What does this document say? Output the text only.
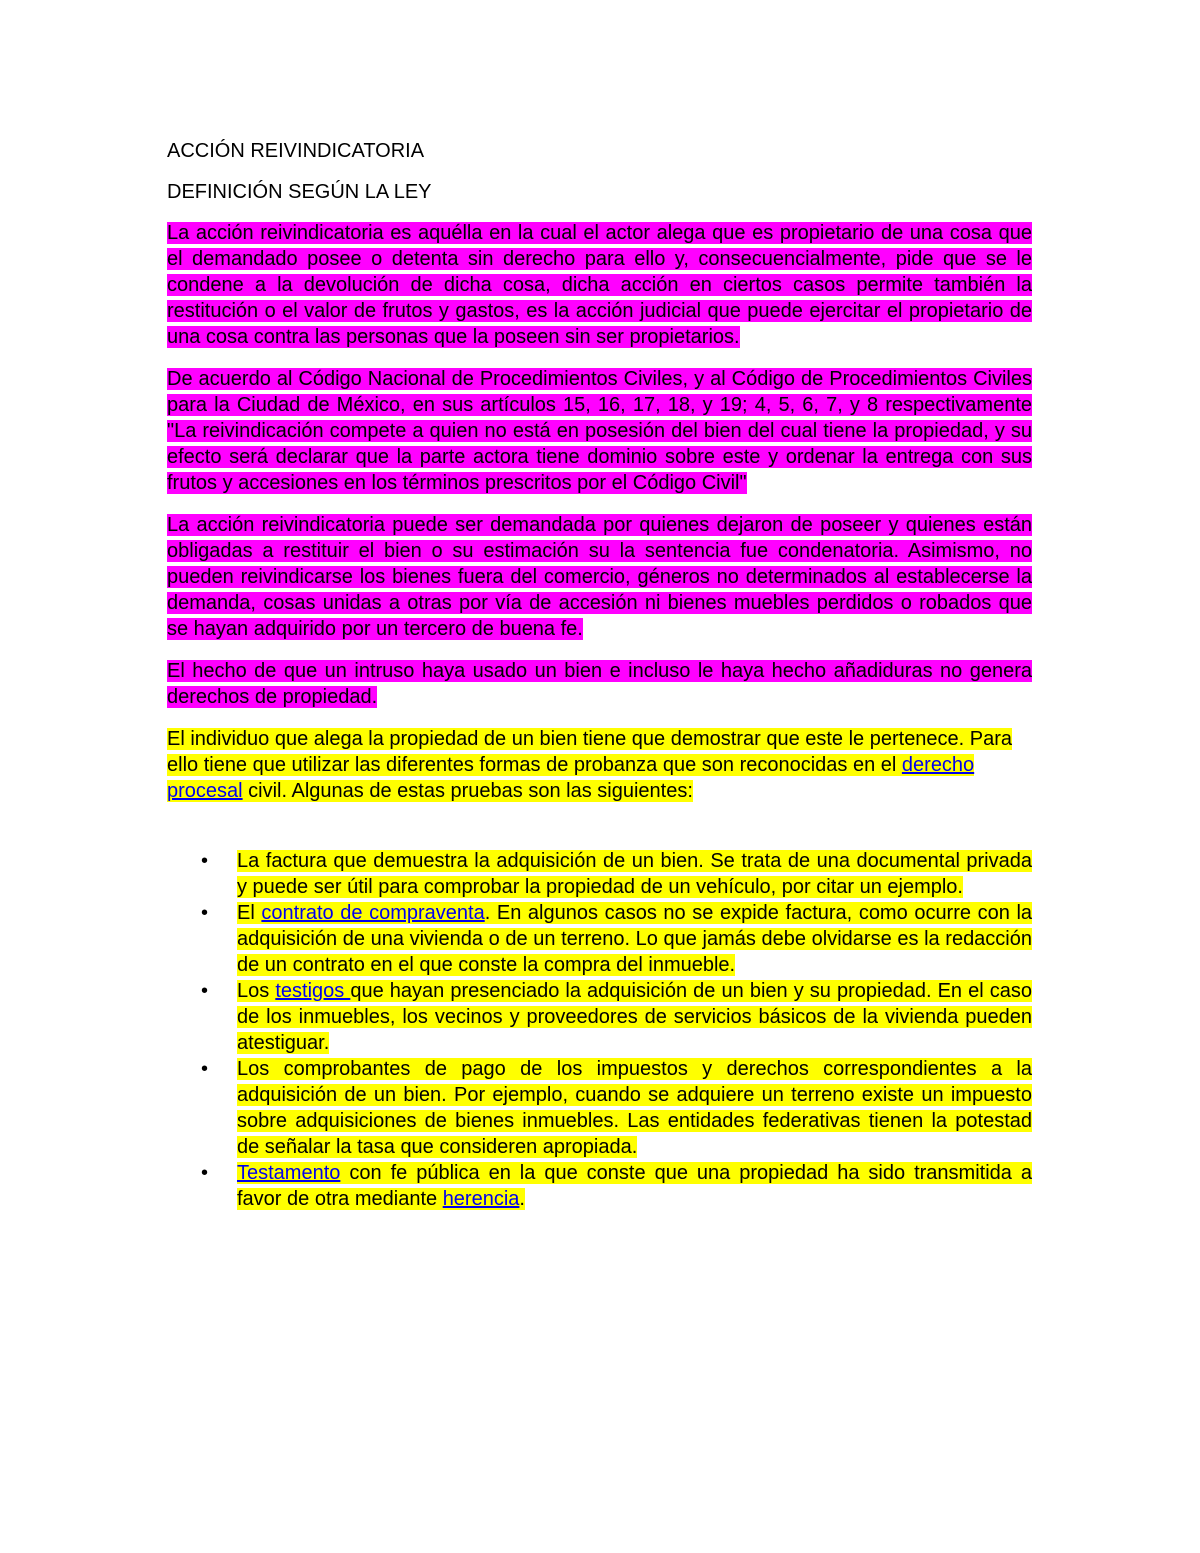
ACCIÓN REIVINDICATORIA
DEFINICIÓN SEGÚN LA LEY

La acción reivindicatoria es aquélla en la cual el actor alega que es propietario de una cosa que el demandado posee o detenta sin derecho para ello y, consecuencialmente, pide que se le condene a la devolución de dicha cosa, dicha acción en ciertos casos permite también la restitución o el valor de frutos y gastos, es la acción judicial que puede ejercitar el propietario de una cosa contra las personas que la poseen sin ser propietarios.

De acuerdo al Código Nacional de Procedimientos Civiles, y al Código de Procedimientos Civiles para la Ciudad de México, en sus artículos 15, 16, 17, 18, y 19; 4, 5, 6, 7, y 8 respectivamente "La reivindicación compete a quien no está en posesión del bien del cual tiene la propiedad, y su efecto será declarar que la parte actora tiene dominio sobre este y ordenar la entrega con sus frutos y accesiones en los términos prescritos por el Código Civil"

La acción reivindicatoria puede ser demandada por quienes dejaron de poseer y quienes están obligadas a restituir el bien o su estimación su la sentencia fue condenatoria. Asimismo, no pueden reivindicarse los bienes fuera del comercio, géneros no determinados al establecerse la demanda, cosas unidas a otras por vía de accesión ni bienes muebles perdidos o robados que se hayan adquirido por un tercero de buena fe.

El hecho de que un intruso haya usado un bien e incluso le haya hecho añadiduras no genera derechos de propiedad.

El individuo que alega la propiedad de un bien tiene que demostrar que este le pertenece. Para ello tiene que utilizar las diferentes formas de probanza que son reconocidas en el derecho procesal civil. Algunas de estas pruebas son las siguientes:

•	La factura que demuestra la adquisición de un bien. Se trata de una documental privada y puede ser útil para comprobar la propiedad de un vehículo, por citar un ejemplo.
•	El contrato de compraventa. En algunos casos no se expide factura, como ocurre con la adquisición de una vivienda o de un terreno. Lo que jamás debe olvidarse es la redacción de un contrato en el que conste la compra del inmueble.
•	Los testigos que hayan presenciado la adquisición de un bien y su propiedad. En el caso de los inmuebles, los vecinos y proveedores de servicios básicos de la vivienda pueden atestiguar.
•	Los comprobantes de pago de los impuestos y derechos correspondientes a la adquisición de un bien. Por ejemplo, cuando se adquiere un terreno existe un impuesto sobre adquisiciones de bienes inmuebles. Las entidades federativas tienen la potestad de señalar la tasa que consideren apropiada.
•	Testamento con fe pública en la que conste que una propiedad ha sido transmitida a favor de otra mediante herencia.
